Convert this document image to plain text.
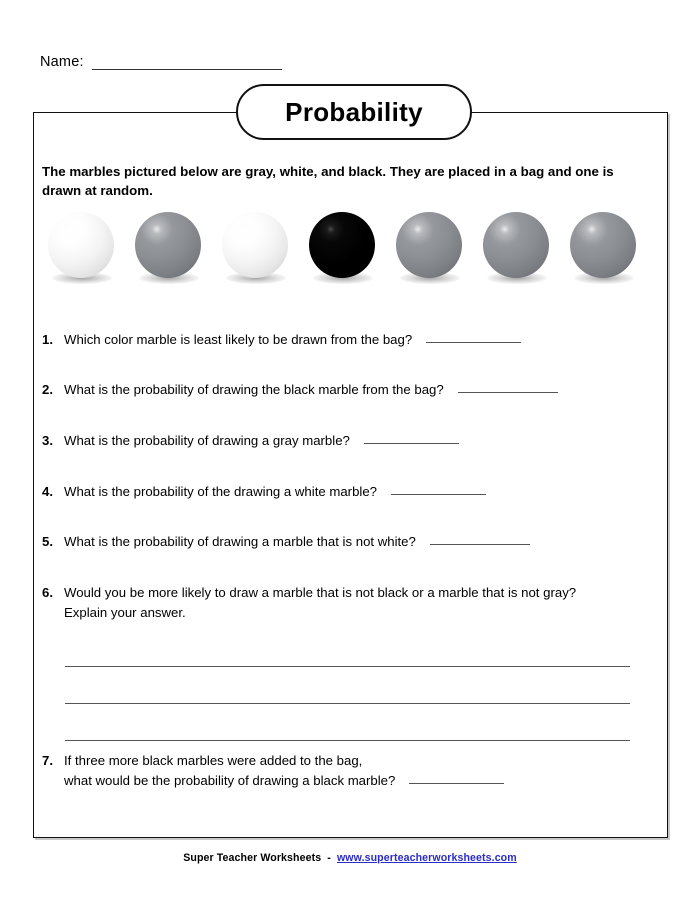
Name:
Probability
The marbles pictured below are gray, white, and black. They are placed in a bag and one is drawn at random.
1. Which color marble is least likely to be drawn from the bag?
2. What is the probability of drawing the black marble from the bag?
3. What is the probability of drawing a gray marble?
4. What is the probability of the drawing a white marble?
5. What is the probability of drawing a marble that is not white?
6. Would you be more likely to draw a marble that is not black or a marble that is not gray?
Explain your answer.
7. If three more black marbles were added to the bag,
what would be the probability of drawing a black marble?
Super Teacher Worksheets - www.superteacherworksheets.com
